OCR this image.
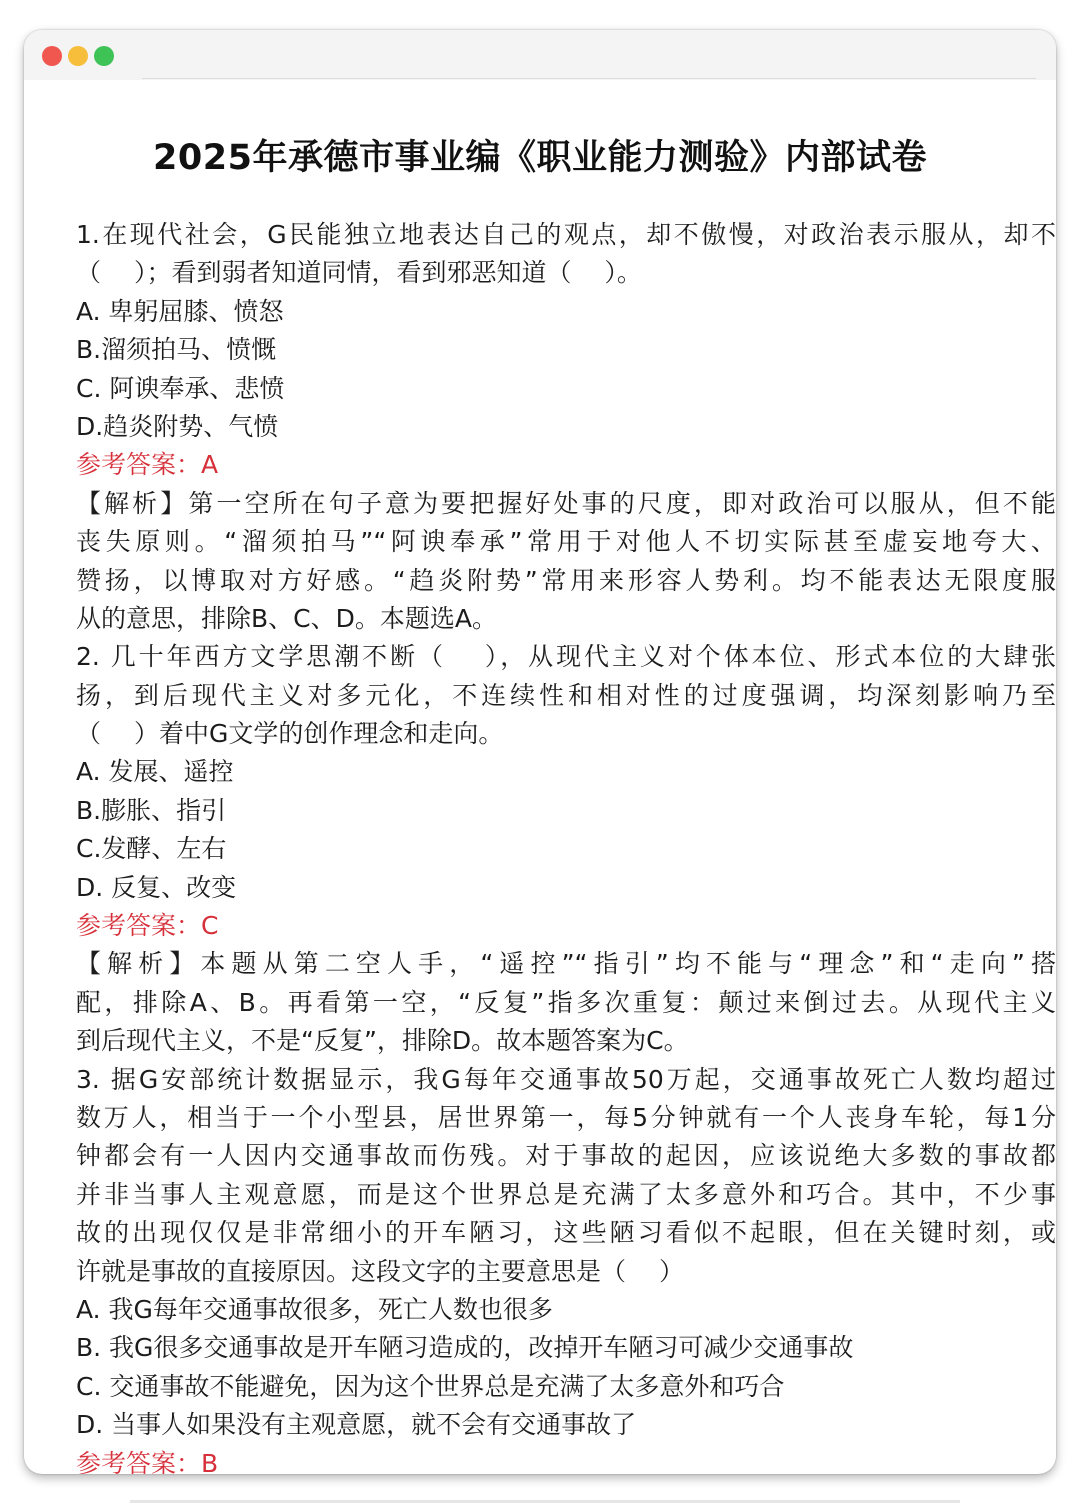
2025年承德市事业编《职业能力测验》内部试卷
1.在现代社会，G民能独立地表达自己的观点，却不傲慢，对政治表示服从，却不
（　 ）；看到弱者知道同情，看到邪恶知道（　 ）。
A. 卑躬屈膝、愤怒
B.溜须拍马、愤慨
C. 阿谀奉承、悲愤
D.趋炎附势、气愤
参考答案：A
【解析】第一空所在句子意为要把握好处事的尺度，即对政治可以服从，但不能
丧失原则。“溜须拍马”“阿谀奉承”常用于对他人不切实际甚至虚妄地夸大、
赞扬，以博取对方好感。“趋炎附势”常用来形容人势利。均不能表达无限度服
从的意思，排除B、C、D。本题选A。
2. 几十年西方文学思潮不断（　 ），从现代主义对个体本位、形式本位的大肆张
扬，到后现代主义对多元化，不连续性和相对性的过度强调，均深刻影响乃至
（　 ）着中G文学的创作理念和走向。
A. 发展、遥控
B.膨胀、指引
C.发酵、左右
D. 反复、改变
参考答案：C
【解析】本题从第二空人手，“遥控”“指引”均不能与“理念”和“走向”搭
配，排除A、B。再看第一空，“反复”指多次重复：颠过来倒过去。从现代主义
到后现代主义，不是“反复”，排除D。故本题答案为C。
3. 据G安部统计数据显示，我G每年交通事故50万起，交通事故死亡人数均超过
数万人，相当于一个小型县，居世界第一，每5分钟就有一个人丧身车轮，每1分
钟都会有一人因内交通事故而伤残。对于事故的起因，应该说绝大多数的事故都
并非当事人主观意愿，而是这个世界总是充满了太多意外和巧合。其中，不少事
故的出现仅仅是非常细小的开车陋习，这些陋习看似不起眼，但在关键时刻，或
许就是事故的直接原因。这段文字的主要意思是（　 ）
A. 我G每年交通事故很多，死亡人数也很多
B. 我G很多交通事故是开车陋习造成的，改掉开车陋习可减少交通事故
C. 交通事故不能避免，因为这个世界总是充满了太多意外和巧合
D. 当事人如果没有主观意愿，就不会有交通事故了
参考答案：B
